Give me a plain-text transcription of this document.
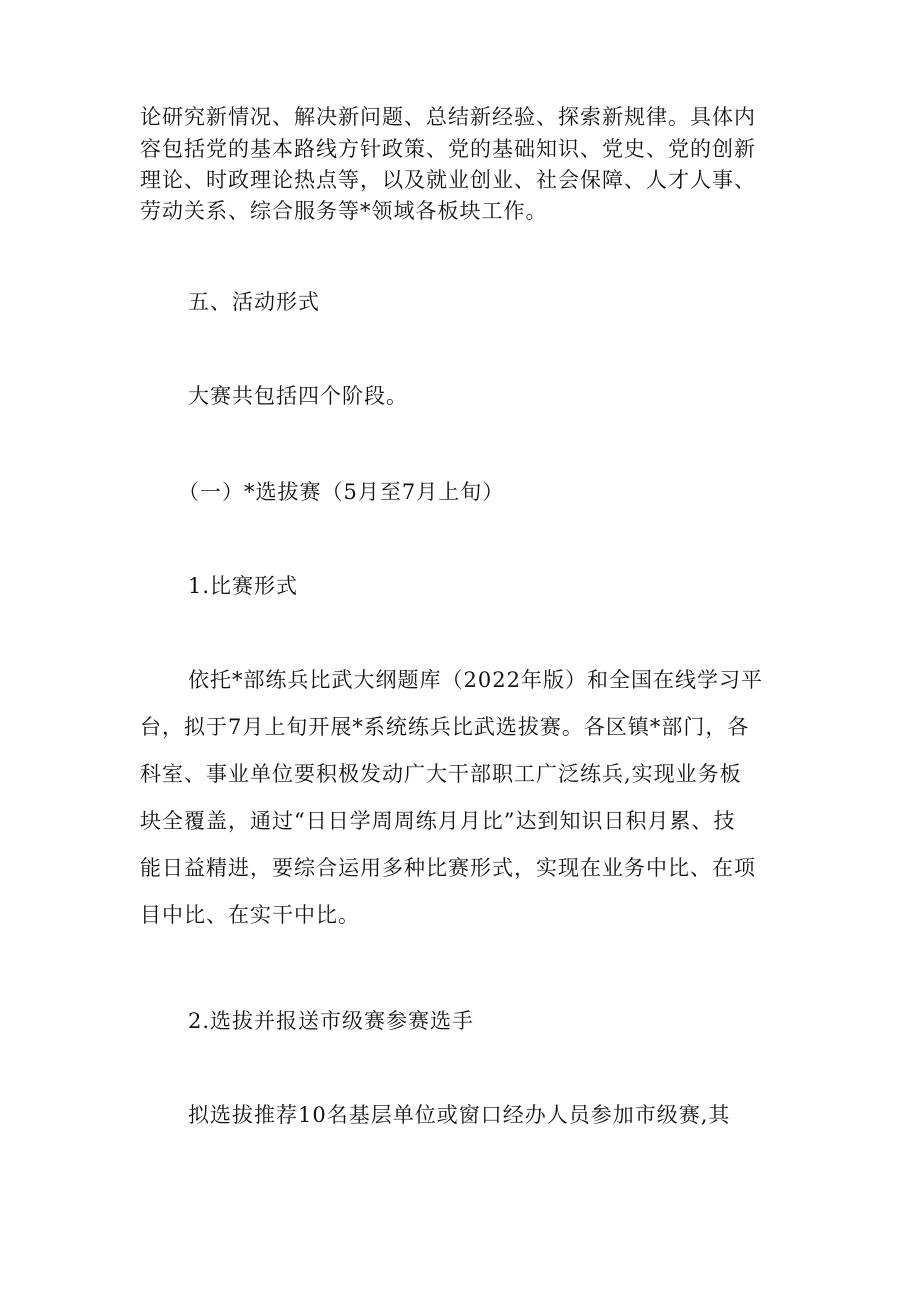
论研究新情况、解决新问题、总结新经验、探索新规律。具体内
容包括党的基本路线方针政策、党的基础知识、党史、党的创新
理论、时政理论热点等，以及就业创业、社会保障、人才人事、
劳动关系、综合服务等*领域各板块工作。
五、活动形式
大赛共包括四个阶段。
（一）*选拔赛（5月至7月上旬）
1.比赛形式
依托*部练兵比武大纲题库（2022年版）和全国在线学习平
台，拟于7月上旬开展*系统练兵比武选拔赛。各区镇*部门，各
科室、事业单位要积极发动广大干部职工广泛练兵,实现业务板
块全覆盖，通过“日日学周周练月月比”达到知识日积月累、技
能日益精进，要综合运用多种比赛形式，实现在业务中比、在项
目中比、在实干中比。
2.选拔并报送市级赛参赛选手
拟选拔推荐10名基层单位或窗口经办人员参加市级赛,其
